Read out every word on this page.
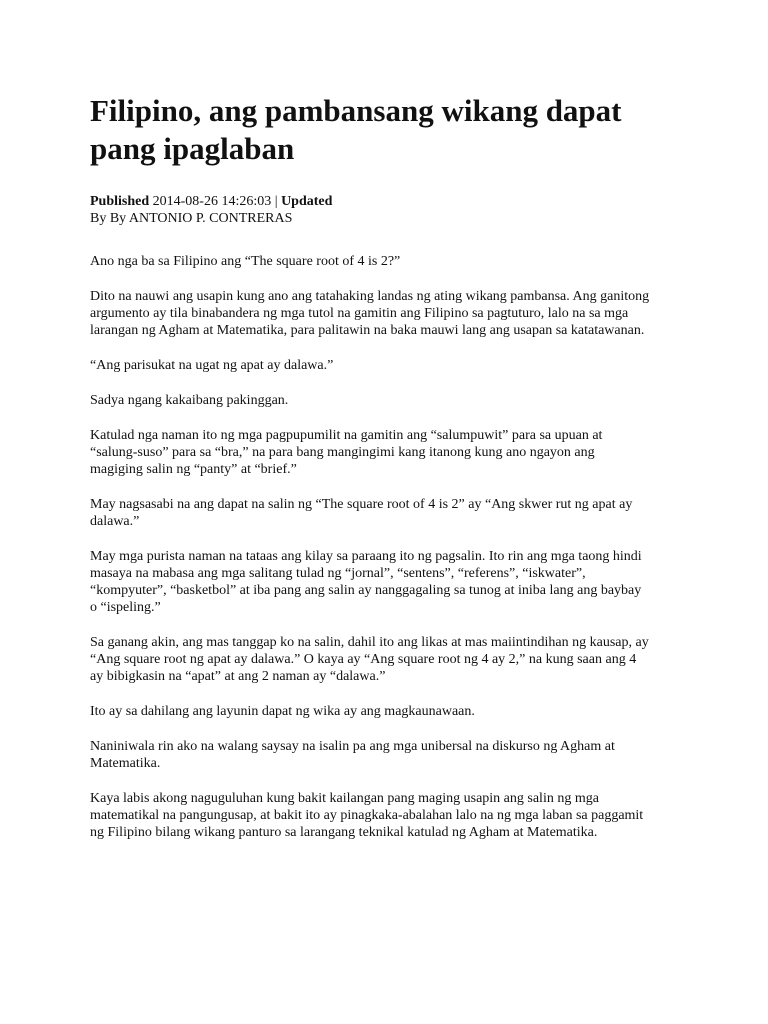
Filipino, ang pambansang wikang dapat pang ipaglaban
Published 2014-08-26 14:26:03 | Updated
By By ANTONIO P. CONTRERAS

Ano nga ba sa Filipino ang “The square root of 4 is 2?”

Dito na nauwi ang usapin kung ano ang tatahaking landas ng ating wikang pambansa. Ang ganitong argumento ay tila binabandera ng mga tutol na gamitin ang Filipino sa pagtuturo, lalo na sa mga larangan ng Agham at Matematika, para palitawin na baka mauwi lang ang usapan sa katatawanan.

“Ang parisukat na ugat ng apat ay dalawa.”

Sadya ngang kakaibang pakinggan.

Katulad nga naman ito ng mga pagpupumilit na gamitin ang “salumpuwit” para sa upuan at “salung-suso” para sa “bra,” na para bang mangingimi kang itanong kung ano ngayon ang magiging salin ng “panty” at “brief.”

May nagsasabi na ang dapat na salin ng “The square root of 4 is 2” ay “Ang skwer rut ng apat ay dalawa.”

May mga purista naman na tataas ang kilay sa paraang ito ng pagsalin. Ito rin ang mga taong hindi masaya na mabasa ang mga salitang tulad ng “jornal”, “sentens”, “referens”, “iskwater”, “kompyuter”, “basketbol” at iba pang ang salin ay nanggagaling sa tunog at iniba lang ang baybay o “ispeling.”

Sa ganang akin, ang mas tanggap ko na salin, dahil ito ang likas at mas maiintindihan ng kausap, ay “Ang square root ng apat ay dalawa.” O kaya ay “Ang square root ng 4 ay 2,” na kung saan ang 4 ay bibigkasin na “apat” at ang 2 naman ay “dalawa.”

Ito ay sa dahilang ang layunin dapat ng wika ay ang magkaunawaan.

Naniniwala rin ako na walang saysay na isalin pa ang mga unibersal na diskurso ng Agham at Matematika.

Kaya labis akong naguguluhan kung bakit kailangan pang maging usapin ang salin ng mga matematikal na pangungusap, at bakit ito ay pinagkaka-abalahan lalo na ng mga laban sa paggamit ng Filipino bilang wikang panturo sa larangang teknikal katulad ng Agham at Matematika.
